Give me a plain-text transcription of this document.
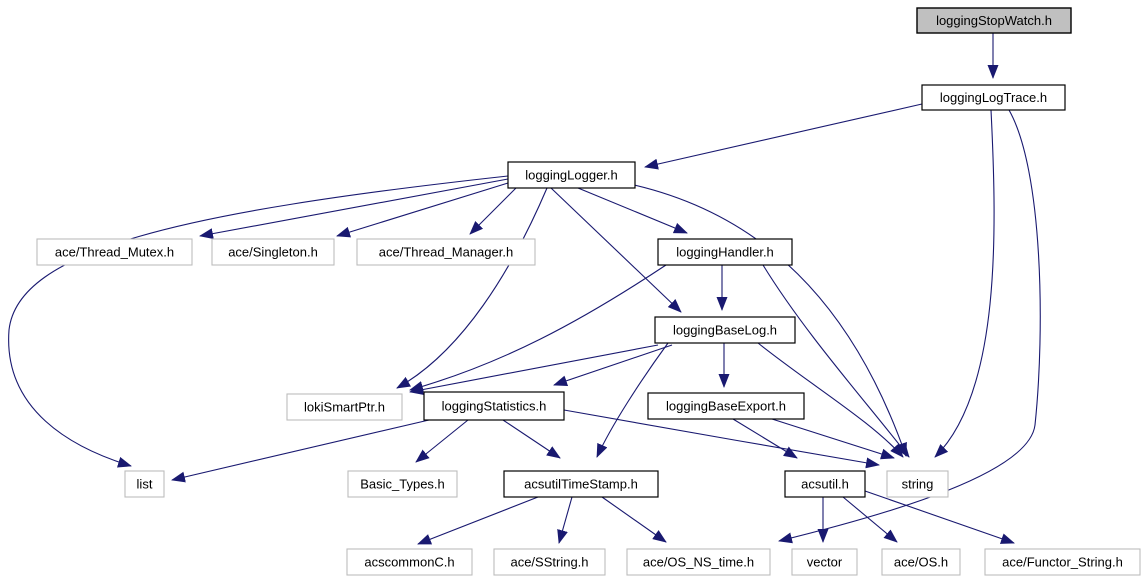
loggingStopWatch.h
loggingLogTrace.h
loggingLogger.h
ace/Thread_Mutex.h	ace/Singleton.h	ace/Thread_Manager.h	loggingHandler.h
loggingBaseLog.h
lokiSmartPtr.h	loggingStatistics.h	loggingBaseExport.h
list	Basic_Types.h	acsutilTimeStamp.h	acsutil.h	string
acscommonC.h	ace/SString.h	ace/OS_NS_time.h	vector	ace/OS.h	ace/Functor_String.h
